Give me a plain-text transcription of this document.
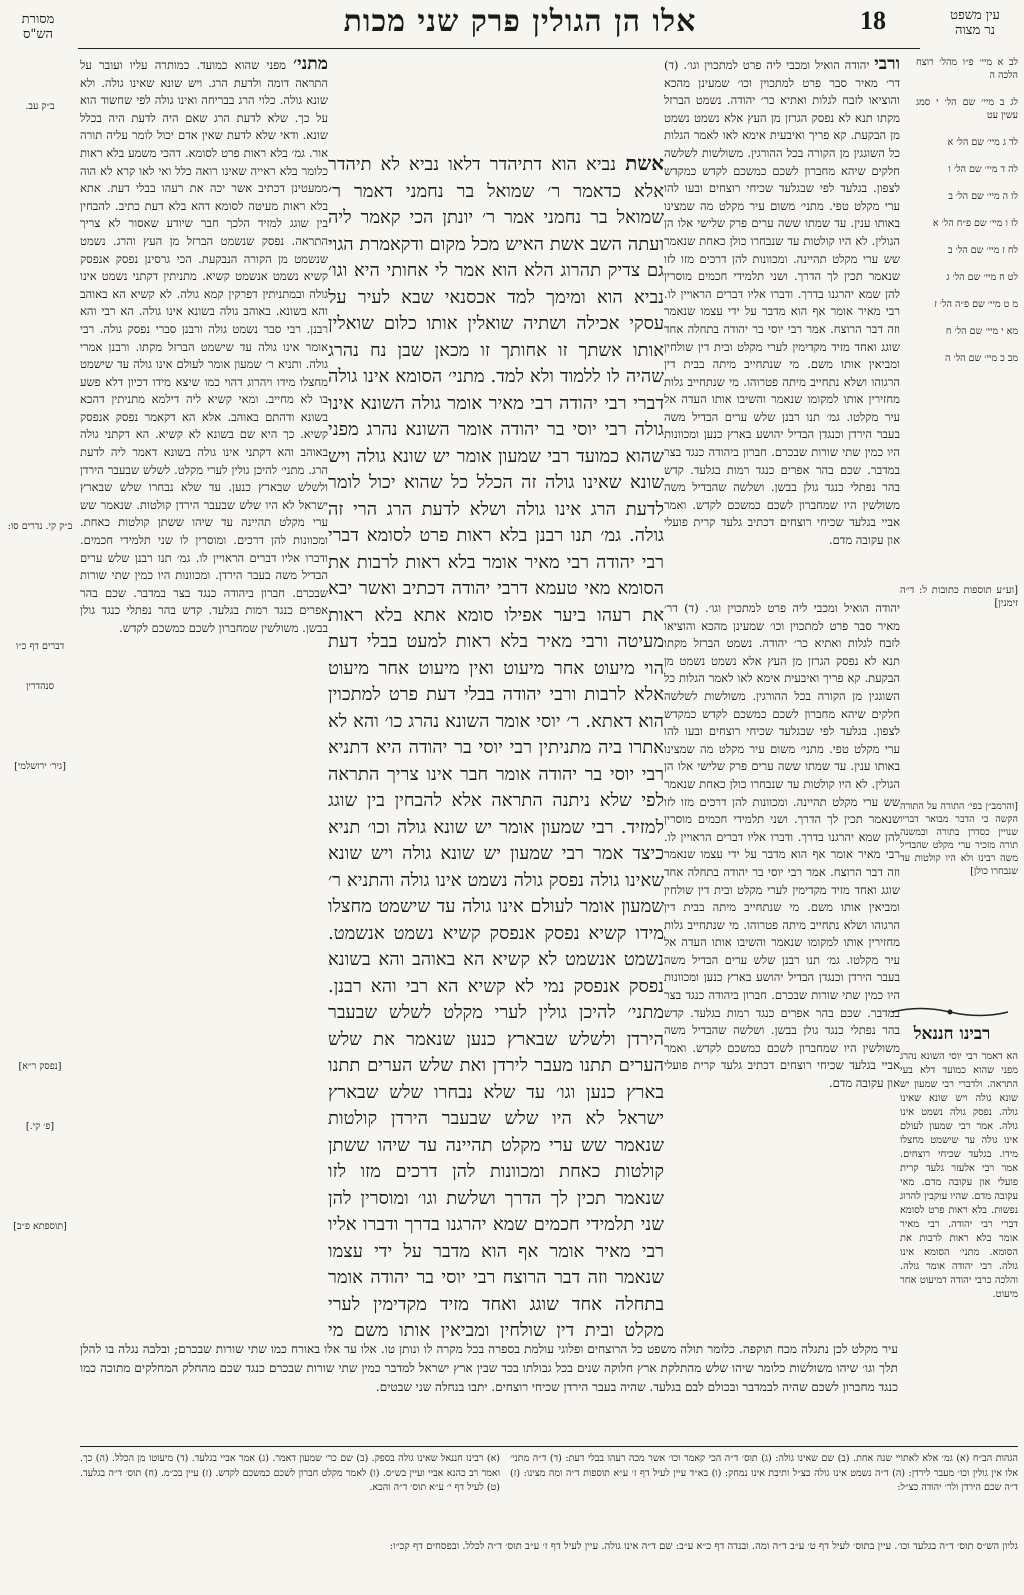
עין משפט
נר מצוה
18
אלו הן הגולין פרק שני מכות
מסורת
הש"ס
לב א מיי׳ פ״ו מהל׳ רוצח הלכה ה
לג ב מיי׳ שם הל׳ י סמג עשין עט
לד ג מיי׳ שם הל׳ א
לה ד מיי׳ שם הל׳ ו
לו ה מיי׳ שם הל׳ ב
לז ו מיי׳ שם פ״ח הל׳ א
לח ז מיי׳ שם הל׳ ב
לט ח מיי׳ שם הל׳ ג
מ ט מיי׳ שם פ״ה הל׳ ז
מא י מיי׳ שם הל׳ ח
מב כ מיי׳ שם הל׳ ה
[וע״ע תוספות כתובות ל: ד״ה זימנין]
[והרמב״ן בפי׳ התורה על התורה הקשה כי הדבר מבואר דבריו שנויין כסדרן בתורה ובמשנה תורה מזכיר ערי מקלט שהבדיל משה רבינו ולא היו קולטות עד שנבחרו כולן]
ורבי יהודה הואיל ומכבי ליה פרט למתכוין וגו׳. (ד) דר׳ מאיר סבר פרט למתכוין וכו׳ שמעינן מהכא והוציאו לזבח לגלות ואתיא כר׳ יהודה. נשמט הברזל מקתו תנא לא נפסק הגרזן מן העץ אלא נשמט נשמט מן הבקעת. קא פריך ואיבעית אימא לאו לאמר הגלות כל השוגגין מן הקורה בכל ההורגין. משולשות לשלשה חלקים שיהא מחברון לשכם כמשכם לקדש כמקדש לצפון. בגלעד לפי שבגלעד שכיחי רוצחים ובעו להו ערי מקלט טפי. מתני׳ משום עיר מקלט מה שמצינו באותו ענין. עד שמתו ששה ערים פרק שלישי אלו הן הגולין. לא היו קולטות עד שנבחרו כולן כאחת שנאמר שש ערי מקלט תהיינה. ומכוונות להן דרכים מזו לזו שנאמר תכין לך הדרך. ושני תלמידי חכמים מוסרין להן שמא יהרגנו בדרך. ודברו אליו דברים הראויין לו. רבי מאיר אומר אף הוא מדבר על ידי עצמו שנאמר וזה דבר הרוצח. אמר רבי יוסי בר יהודה בתחלה אחד שוגג ואחד מזיד מקדימין לערי מקלט ובית דין שולחין ומביאין אותו משם. מי שנתחייב מיתה בבית דין הרגוהו ושלא נתחייב מיתה פטרוהו. מי שנתחייב גלות מחזירין אותו למקומו שנאמר והשיבו אותו העדה אל עיר מקלטו. גמ׳ תנו רבנן שלש ערים הבדיל משה בעבר הירדן וכנגדן הבדיל יהושע בארץ כנען ומכוונות היו כמין שתי שורות שבכרם. חברון ביהודה כנגד בצר במדבר. שכם בהר אפרים כנגד רמות בגלעד. קדש בהר נפתלי כנגד גולן בבשן. ושלשה שהבדיל משה משולשין היו שמחברון לשכם כמשכם לקדש. ואמר אביי בגלעד שכיחי רוצחים דכתיב גלעד קרית פועלי און עקובה מדם.
אשת נביא הוא דתיהדר דלאו נביא לא תיהדר אלא כדאמר ר׳ שמואל בר נחמני דאמר ר׳ שמואל בר נחמני אמר ר׳ יונתן הכי קאמר ליה ועתה השב אשת האיש מכל מקום ודקאמרת הגוי גם צדיק תהרוג הלא הוא אמר לי אחותי היא וגו׳ נביא הוא ומימך למד אכסנאי שבא לעיר על עסקי אכילה ושתיה שואלין אותו כלום שואלין אותו אשתך זו אחותך זו מכאן שבן נח נהרג שהיה לו ללמוד ולא למד. מתני׳ הסומא אינו גולה דברי רבי יהודה רבי מאיר אומר גולה השונא אינו גולה רבי יוסי בר יהודה אומר השונא נהרג מפני שהוא כמועד רבי שמעון אומר יש שונא גולה ויש שונא שאינו גולה זה הכלל כל שהוא יכול לומר לדעת הרג אינו גולה ושלא לדעת הרג הרי זה גולה. גמ׳ תנו רבנן בלא ראות פרט לסומא דברי רבי יהודה רבי מאיר אומר בלא ראות לרבות את הסומא מאי טעמא דרבי יהודה דכתיב ואשר יבא את רעהו ביער אפילו סומא אתא בלא ראות מעיטה ורבי מאיר בלא ראות למעט בבלי דעת הוי מיעוט אחר מיעוט ואין מיעוט אחר מיעוט אלא לרבות ורבי יהודה בבלי דעת פרט למתכוין הוא דאתא. ר׳ יוסי אומר השונא נהרג כו׳ והא לא אתרו ביה מתניתין רבי יוסי בר יהודה היא דתניא רבי יוסי בר יהודה אומר חבר אינו צריך התראה לפי שלא ניתנה התראה אלא להבחין בין שוגג למזיד. רבי שמעון אומר יש שונא גולה וכו׳ תניא כיצד אמר רבי שמעון יש שונא גולה ויש שונא שאינו גולה נפסק גולה נשמט אינו גולה והתניא ר׳ שמעון אומר לעולם אינו גולה עד שישמט מחצלו מידו קשיא נפסק אנפסק קשיא נשמט אנשמט. נשמט אנשמט לא קשיא הא באוהב והא בשונא נפסק אנפסק נמי לא קשיא הא רבי והא רבנן. מתני׳ להיכן גולין לערי מקלט לשלש שבעבר הירדן ולשלש שבארץ כנען שנאמר את שלש הערים תתנו מעבר לירדן ואת שלש הערים תתנו בארץ כנען וגו׳ עד שלא נבחרו שלש שבארץ ישראל לא היו שלש שבעבר הירדן קולטות שנאמר שש ערי מקלט תהיינה עד שיהו ששתן קולטות כאחת ומכוונות להן דרכים מזו לזו שנאמר תכין לך הדרך ושלשת וגו׳ ומוסרין להן שני תלמידי חכמים שמא יהרגנו בדרך ודברו אליו רבי מאיר אומר אף הוא מדבר על ידי עצמו שנאמר וזה דבר הרוצח רבי יוסי בר יהודה אומר בתחלה אחד שוגג ואחד מזיד מקדימין לערי מקלט ובית דין שולחין ומביאין אותו משם מי
יהודה הואיל ומכבי ליה פרט למתכוין וגו׳. (ד) דר׳ מאיר סבר פרט למתכוין וכו׳ שמעינן מהכא והוציאו לזבח לגלות ואתיא כר׳ יהודה. נשמט הברזל מקתו תנא לא נפסק הגרזן מן העץ אלא נשמט נשמט מן הבקעת. קא פריך ואיבעית אימא לאו לאמר הגלות כל השוגגין מן הקורה בכל ההורגין. משולשות לשלשה חלקים שיהא מחברון לשכם כמשכם לקדש כמקדש לצפון. בגלעד לפי שבגלעד שכיחי רוצחים ובעו להו ערי מקלט טפי. מתני׳ משום עיר מקלט מה שמצינו באותו ענין. עד שמתו ששה ערים פרק שלישי אלו הן הגולין. לא היו קולטות עד שנבחרו כולן כאחת שנאמר שש ערי מקלט תהיינה. ומכוונות להן דרכים מזו לזו שנאמר תכין לך הדרך. ושני תלמידי חכמים מוסרין להן שמא יהרגנו בדרך. ודברו אליו דברים הראויין לו. רבי מאיר אומר אף הוא מדבר על ידי עצמו שנאמר וזה דבר הרוצח. אמר רבי יוסי בר יהודה בתחלה אחד שוגג ואחד מזיד מקדימין לערי מקלט ובית דין שולחין ומביאין אותו משם. מי שנתחייב מיתה בבית דין הרגוהו ושלא נתחייב מיתה פטרוהו. מי שנתחייב גלות מחזירין אותו למקומו שנאמר והשיבו אותו העדה אל עיר מקלטו. גמ׳ תנו רבנן שלש ערים הבדיל משה בעבר הירדן וכנגדן הבדיל יהושע בארץ כנען ומכוונות היו כמין שתי שורות שבכרם. חברון ביהודה כנגד בצר במדבר. שכם בהר אפרים כנגד רמות בגלעד. קדש בהר נפתלי כנגד גולן בבשן. ושלשה שהבדיל משה משולשין היו שמחברון לשכם כמשכם לקדש. ואמר אביי בגלעד שכיחי רוצחים דכתיב גלעד קרית פועלי און עקובה מדם.
מתני׳ מפני שהוא כמועד. כמותרה עליו ועובר על התראה דומה ולדעת הרג. ויש שונא שאינו גולה. ולא שונא גולה. כלוי הרג בבריחה ואינו גולה לפי שחשוד הוא על כך. שלא לדעת הרג שאם היה לדעת היה בכלל שונא. ודאי שלא לדעת שאין אדם יכול לומר עליה תורה אור. גמ׳ בלא ראות פרט לסומא. דהכי משמע בלא ראות כלומר בלא ראייה שאינו רואה כלל ואי לאו קרא לא הוה ממעטינן דכתיב אשר יכה את רעהו בבלי דעת. אתא בלא ראות מעיטה לסומא דהא בלא דעת כתיב. להבחין בין שוגג למזיד הלכך חבר שיודע שאסור לא צריך התראה. נפסק שנשמט הברזל מן העץ והרג. נשמט שנשמט מן הקורה הנבקעת. הכי גרסינן נפסק אנפסק קשיא נשמט אנשמט קשיא. מתניתין דקתני נשמט אינו גולה ובמתניתין דפרקין קמא גולה. לא קשיא הא באוהב והא בשונא. באוהב גולה בשונא אינו גולה. הא רבי והא רבנן. רבי סבר נשמט גולה ורבנן סברי נפסק גולה. רבי אומר אינו גולה עד שישמט הברזל מקתו. ורבנן אמרי גולה. ותניא ר׳ שמעון אומר לעולם אינו גולה עד שישמט מחצלו מידו ויהרוג דהוי כמו שיצא מידו דכיון דלא פשע בו לא מחייב. ומאי קשיא ליה דילמא מתניתין דהכא בשונא ודהתם באוהב. אלא הא דקאמר נפסק אנפסק קשיא. כך היא שם בשונא לא קשיא. הא דקתני גולה באוהב והא דקתני אינו גולה בשונא דאמר ליה לדעת הרג. מתני׳ להיכן גולין לערי מקלט. לשלש שבעבר הירדן ולשלש שבארץ כנען. עד שלא נבחרו שלש שבארץ ישראל לא היו שלש שבעבר הירדן קולטות. שנאמר שש ערי מקלט תהיינה עד שיהו ששתן קולטות כאחת. ומכוונות להן דרכים. ומוסרין לו שני תלמידי חכמים. ודברו אליו דברים הראויין לו. גמ׳ תנו רבנן שלש ערים הבדיל משה בעבר הירדן. ומכוונות היו כמין שתי שורות שבכרם. חברון ביהודה כנגד בצר במדבר. שכם בהר אפרים כנגד רמות בגלעד. קדש בהר נפתלי כנגד גולן בבשן. משולשין שמחברון לשכם כמשכם לקדש.
ב״ק עב.
ב״ק קי. נדרים סו:
דברים דף כ״ו
סנהדרין
[גיר׳ ירושלמי]
[נפסק ר״א]
[תוספתא פ״ב]
[פ׳ קי.]
רבינו חננאל
הא דאמר רבי יוסי השונא נהרג מפני שהוא כמועד דלא בעי התראה. ולדברי רבי שמעון יש שונא גולה ויש שונא שאינו גולה. נפסק גולה נשמט אינו גולה. אמר רבי שמעון לעולם אינו גולה עד שישמט מחצלו מידו. בגלעד שכיחי רוצחים. אמר רבי אלעזר גלעד קרית פועלי און עקובה מדם. מאי עקובה מדם. שהיו עוקבין להרוג נפשות. בלא ראות פרט לסומא דברי רבי יהודה. רבי מאיר אומר בלא ראות לרבות את הסומא. מתני׳ הסומא אינו גולה. רבי יהודה אומר גולה. והלכה כרבי יהודה דמיעוט אחר מיעוט.
עיר מקלט לכן נתגלה מכח תוקפה. כלומר תולה משפט כל הרוצחים ופלוגי עולמת בספרה בכל מקרה לו ונותן טו. אלו עד אלו באורח כמו שתי שורות שבכרם; ובלבה נגלה בו להלן תלך וגו׳ שיהו משולשות כלומר שיהו שלש מהתלקת ארץ חלוקה שנים בכל גבולתו בכד שבין ארץ ישראל למדבר כמין שתי שורות שבכרם כנגד שכם מהחלק המחלקים מתוכה כמו כנגד מחברון לשכם שהיה לבמדבר ובכולם לבם בגלעד. שהיה בעבר הירדן שכיחי רוצחים. יתבו בנחלה שני שבטים.
הגהות הב״ח (א) גמ׳ אלא לאתויי שנה אחת. (ב) שם שאינו גולה: (ג) תוס׳ ד״ה הכי קאמר וכו׳ אשר מכה רעהו בבלי דעת: (ד) ד״ה מתני׳ אלו אין גולין וכו׳ מעבר לירדן: (ה) ד״ה נשמט אינו גולה כצ״ל ותיבת אינו נמחק: (ו) בא״ד עיין לעיל דף ז׳ ע״א תוספות ד״ה ומה מצינו: (ז) ד״ה שכם הירדן ולר׳ יהודה כצ״ל:
(א) רבינו חננאל שאינו גולה בספק. (ב) שם כר׳ שמעון דאמר. (ג) אמר אביי בגלעד. (ד) מיעוטו מן הכלל. (ה) כך. ואמר רב כהנא אביי ועיין בש״ס. (ו) לאמר מקלט חברון לשכם כמשכם לקדש. (ז) עיין בכ״מ. (ח) תוס׳ ד״ה בגלעד. (ט) לעיל דף י׳ ע״א תוס׳ ד״ה והכא.
גליון הש״ס תוס׳ ד״ה בגלעד וכו׳. עיין בתוס׳ לעיל דף ט׳ ע״ב ד״ה ומה. ובנדה דף כ״א ע״ב: שם ד״ה אינו גולה. עיין לעיל דף ז׳ ע״ב תוס׳ ד״ה לכלל. ובפסחים דף קכ״ו:
